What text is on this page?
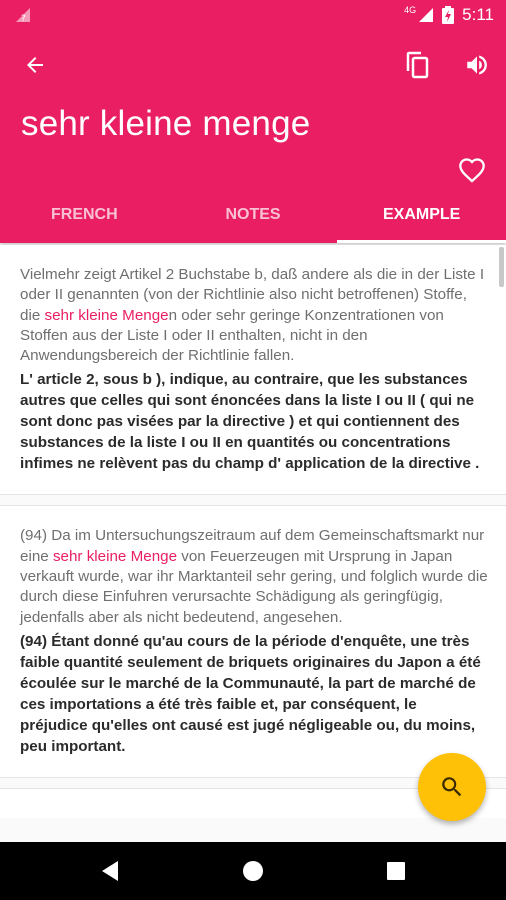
?
4G	5:11
sehr kleine menge
FRENCH	NOTES	EXAMPLE

Vielmehr zeigt Artikel 2 Buchstabe b, daß andere als die in der Liste I oder II genannten (von der Richtlinie also nicht betroffenen) Stoffe, die sehr kleine Mengen oder sehr geringe Konzentrationen von Stoffen aus der Liste I oder II enthalten, nicht in den Anwendungsbereich der Richtlinie fallen.

L' article 2, sous b ), indique, au contraire, que les substances autres que celles qui sont énoncées dans la liste I ou II ( qui ne sont donc pas visées par la directive ) et qui contiennent des substances de la liste I ou II en quantités ou concentrations infimes ne relèvent pas du champ d' application de la directive .

(94) Da im Untersuchungszeitraum auf dem Gemeinschaftsmarkt nur eine sehr kleine Menge von Feuerzeugen mit Ursprung in Japan verkauft wurde, war ihr Marktanteil sehr gering, und folglich wurde die durch diese Einfuhren verursachte Schädigung als geringfügig, jedenfalls aber als nicht bedeutend, angesehen.

(94) Étant donné qu'au cours de la période d'enquête, une très faible quantité seulement de briquets originaires du Japon a été écoulée sur le marché de la Communauté, la part de marché de ces importations a été très faible et, par conséquent, le préjudice qu'elles ont causé est jugé négligeable ou, du moins, peu important.
